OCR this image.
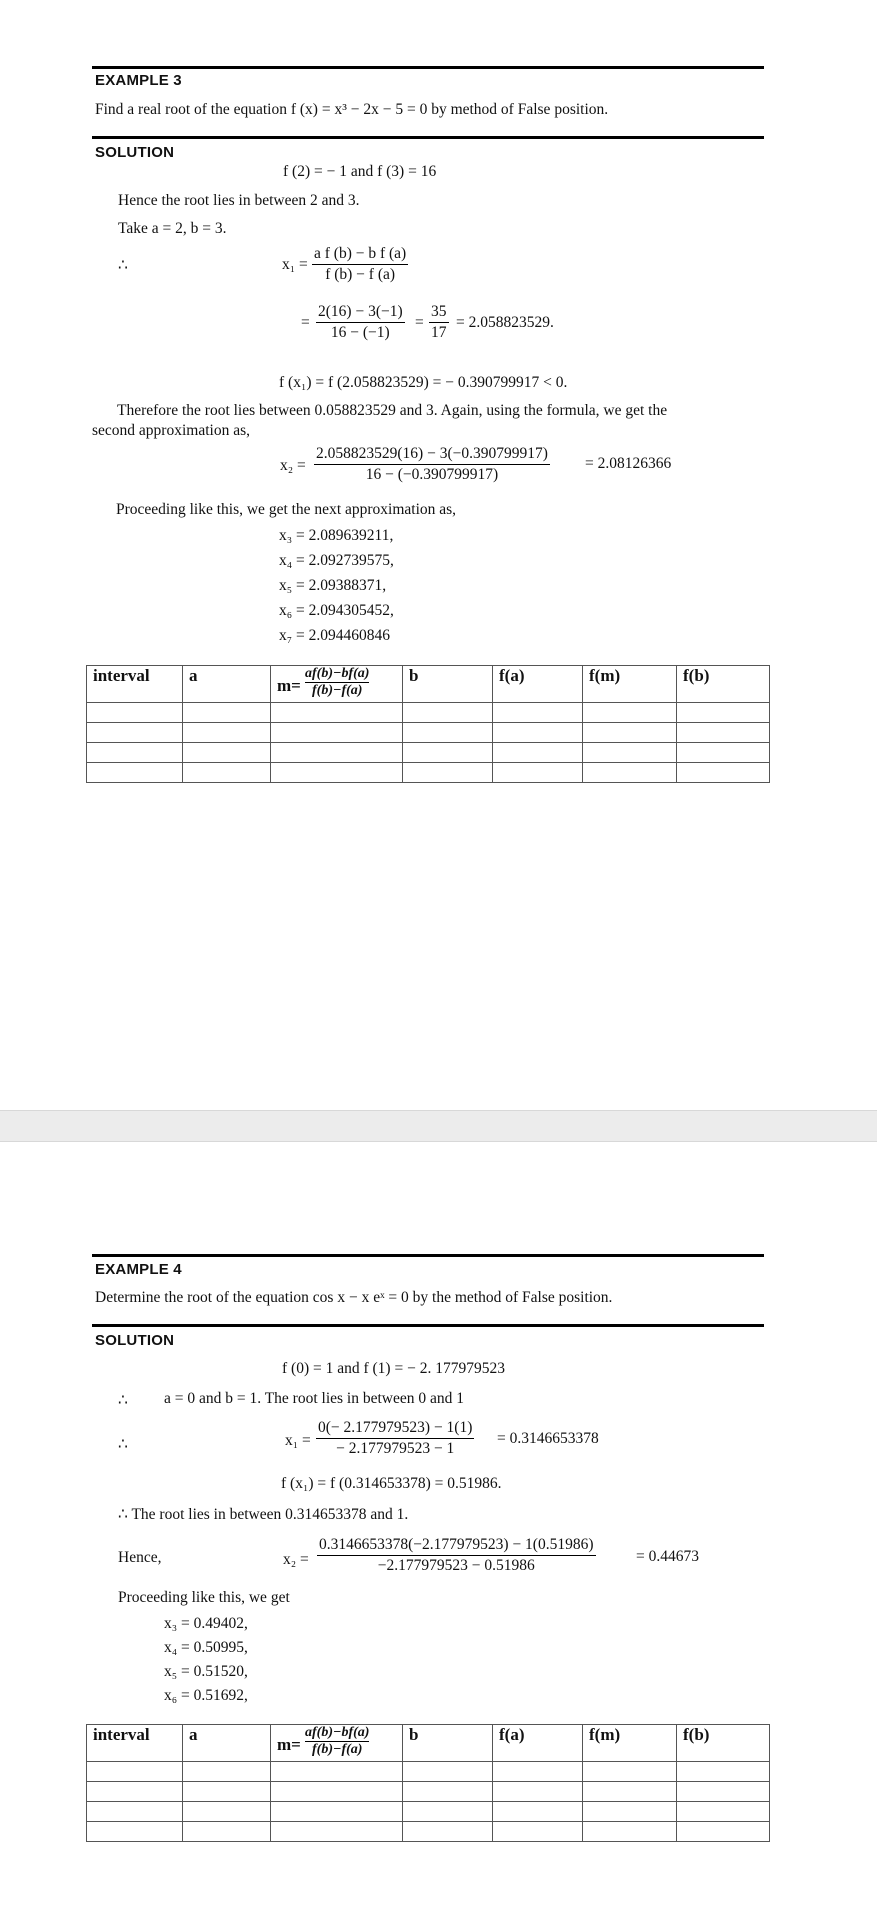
EXAMPLE 3
Find a real root of the equation f (x) = x³ − 2x − 5 = 0 by method of False position.
SOLUTION
f (2) = − 1 and f (3) = 16
Hence the root lies in between 2 and 3.
Take a = 2, b = 3.
∴	$x_1 = \frac{\text{a f (b) − b f (a)}}{f (b) - f (a)}$
= $\frac{2(16) - 3(-1)}{16 - (-1)} = \frac{35}{17} = 2.058823529$.
f (x₁) = f (2.058823529) = − 0.390799917 < 0.
Therefore the root lies between 0.058823529 and 3. Again, using the formula, we get the
second approximation as,
$x_2 = \frac{2.058823529(16) - 3(-0.390799917)}{16 - (-0.390799917)} = 2.08126366$
Proceeding like this, we get the next approximation as,
x₃ = 2.089639211,
x₄ = 2.092739575,
x₅ = 2.09388371,
x₆ = 2.094305452,
x₇ = 2.094460846
interval	a	$m= \frac{af(b)-bf(a)}{f(b)-f(a)}$	b	f(a)	f(m)	f(b)

EXAMPLE 4
Determine the root of the equation cos x − x eˣ = 0 by the method of False position.
SOLUTION
f (0) = 1 and f (1) = − 2. 177979523
∴ a = 0 and b = 1. The root lies in between 0 and 1
∴	$x_1 = \frac{0(- 2.177979523) - 1(1)}{- 2.177979523 - 1} = 0.3146653378$
f (x₁) = f (0.314653378) = 0.51986.
∴ The root lies in between 0.314653378 and 1.
Hence,	$x_2 = \frac{0.3146653378(-2.177979523) - 1(0.51986)}{-2.177979523 - 0.51986}$	= 0.44673
Proceeding like this, we get
x₃ = 0.49402,
x₄ = 0.50995,
x₅ = 0.51520,
x₆ = 0.51692,
interval	a	$m= \frac{af(b)-bf(a)}{f(b)-f(a)}$	b	f(a)	f(m)	f(b)
